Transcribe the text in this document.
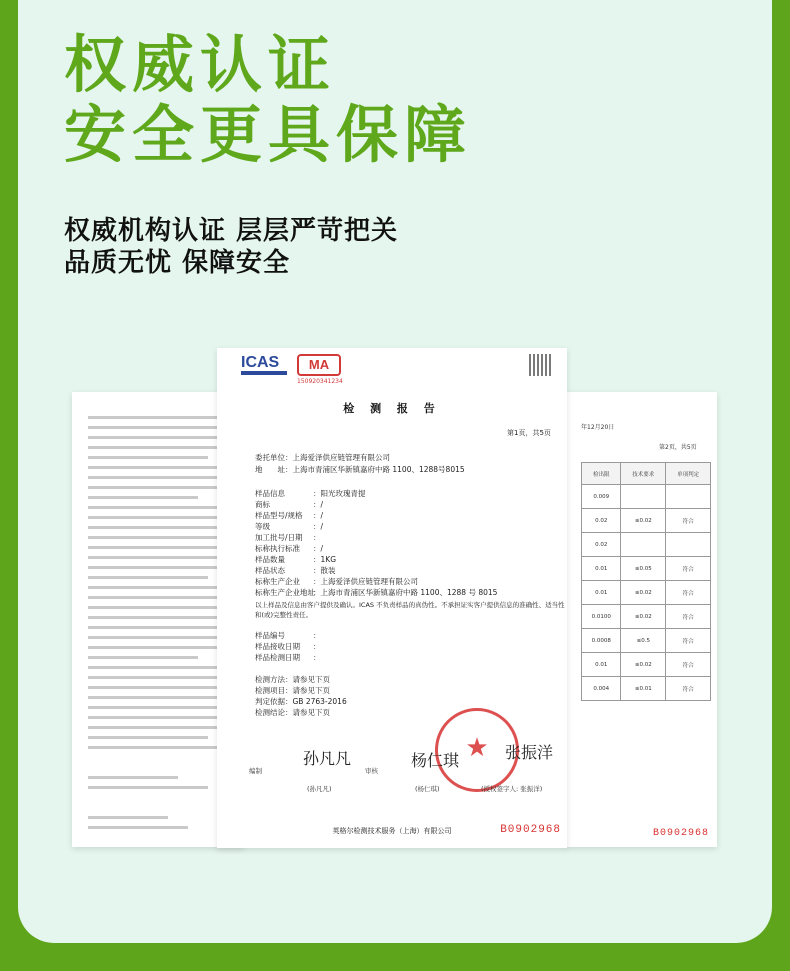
权威认证
安全更具保障
权威机构认证 层层严苛把关
品质无忧 保障安全
年12月20日
第2页，共5页
检出限	技术要求	单项判定
0.009		
0.02	≤0.02	符合
0.02		
0.01	≤0.05	符合
0.01	≤0.02	符合
0.0100	≤0.02	符合
0.0008	≤0.5	符合
0.01	≤0.02	符合
0.004	≤0.01	符合
B0902968
ICAS	MA
150920341234
检 测 报 告
第1页，共5页
委托单位：上海爱泽供应链管理有限公司
地　　址：上海市青浦区华新镇嘉府中路 1100、1288号8015
样品信息	：阳光玫瑰青提
商标	：/
样品型号/规格 ：/
等级	：/
加工批号/日期 ：
标称执行标准 ：/
样品数量	：1KG
样品状态	：散装
标称生产企业 ：上海爱泽供应链管理有限公司
标称生产企业地址：上海市青浦区华新镇嘉府中路 1100、1288 号 8015
以上样品及信息由客户提供及确认。ICAS 不负责样品的真伪性。不承担证实客户提供信息的准确性、适当性
和(或)完整性责任。
样品编号	：
样品接收日期 ：
样品检测日期 ：
检测方法：请参见下页
检测项目：请参见下页
判定依据：GB 2763-2016
检测结论：请参见下页
★
编制
孙凡凡
(孙凡凡)
审核
杨仁琪
(杨仁琪)
张振洋
(授权签字人: 张振洋)
英格尔检测技术服务（上海）有限公司	B0902968
